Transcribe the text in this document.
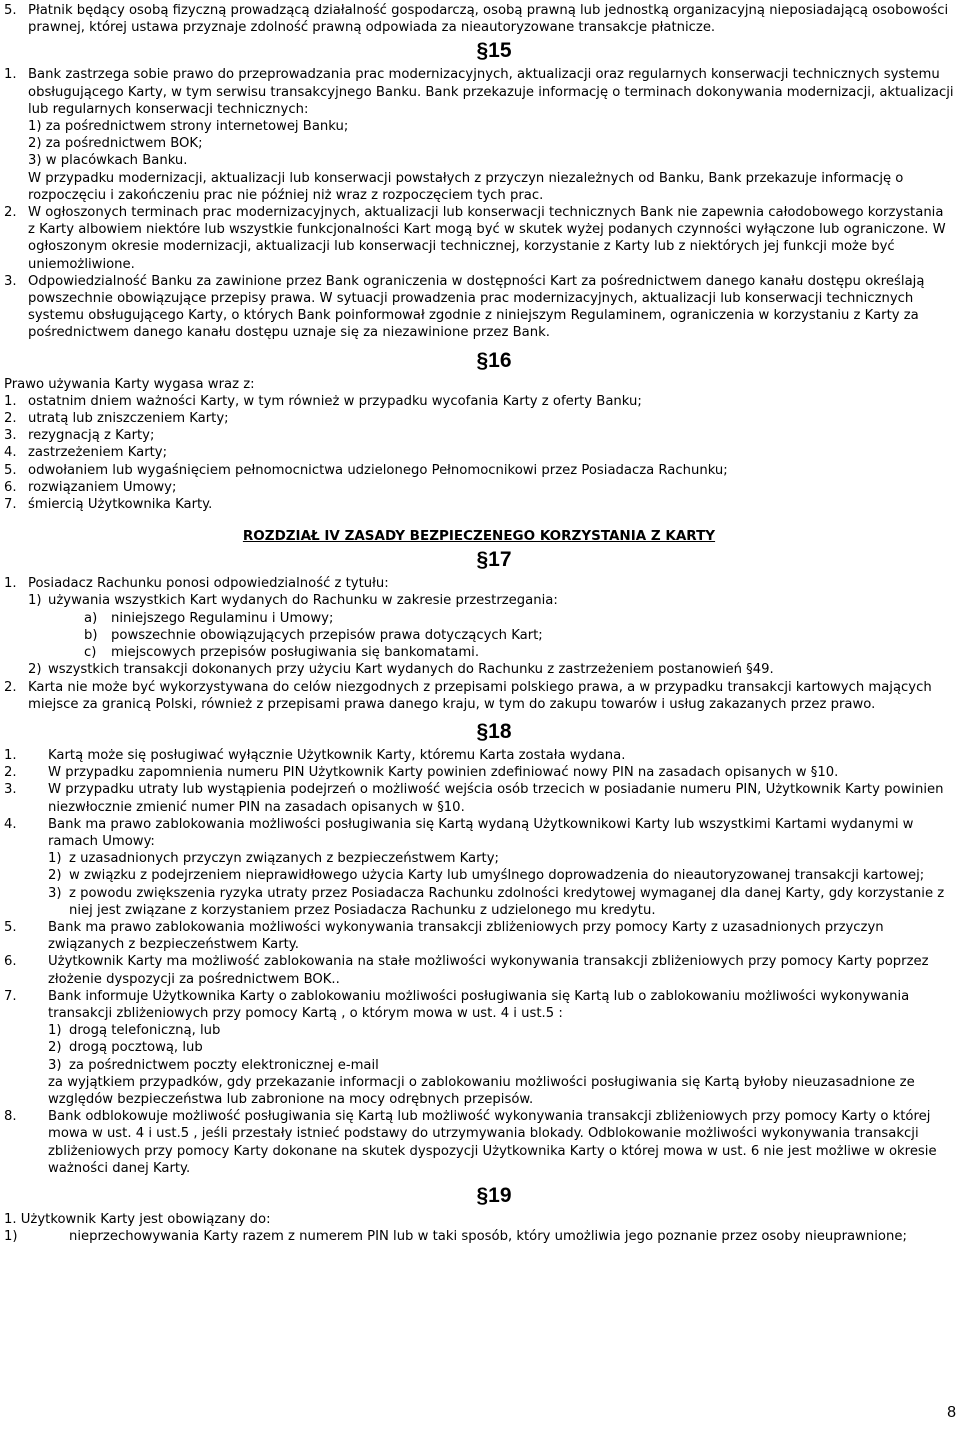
5. Płatnik będący osobą fizyczną prowadzącą działalność gospodarczą, osobą prawną lub jednostką organizacyjną nieposiadającą osobowości prawnej, której ustawa przyznaje zdolność prawną odpowiada za nieautoryzowane transakcje płatnicze.

§15

1. Bank zastrzega sobie prawo do przeprowadzania prac modernizacyjnych, aktualizacji oraz regularnych konserwacji technicznych systemu obsługującego Karty, w tym serwisu transakcyjnego Banku. Bank przekazuje informację o terminach dokonywania modernizacji, aktualizacji lub regularnych konserwacji technicznych:

1) za pośrednictwem strony internetowej Banku;

2) za pośrednictwem BOK;

3) w placówkach Banku.

W przypadku modernizacji, aktualizacji lub konserwacji powstałych z przyczyn niezależnych od Banku, Bank przekazuje informację o rozpoczęciu i zakończeniu prac nie później niż wraz z rozpoczęciem tych prac.

2. W ogłoszonych terminach prac modernizacyjnych, aktualizacji lub konserwacji technicznych Bank nie zapewnia całodobowego korzystania z Karty albowiem niektóre lub wszystkie funkcjonalności Kart mogą być w skutek wyżej podanych czynności wyłączone lub ograniczone. W ogłoszonym okresie modernizacji, aktualizacji lub konserwacji technicznej, korzystanie z Karty lub z niektórych jej funkcji może być uniemożliwione.

3. Odpowiedzialność Banku za zawinione przez Bank ograniczenia w dostępności Kart za pośrednictwem danego kanału dostępu określają powszechnie obowiązujące przepisy prawa. W sytuacji prowadzenia prac modernizacyjnych, aktualizacji lub konserwacji technicznych systemu obsługującego Karty, o których Bank poinformował zgodnie z niniejszym Regulaminem, ograniczenia w korzystaniu z Karty za pośrednictwem danego kanału dostępu uznaje się za niezawinione przez Bank.

§16

Prawo używania Karty wygasa wraz z:

1. ostatnim dniem ważności Karty, w tym również w przypadku wycofania Karty z oferty Banku;

2. utratą lub zniszczeniem Karty;

3. rezygnacją z Karty;

4. zastrzeżeniem Karty;

5. odwołaniem lub wygaśnięciem pełnomocnictwa udzielonego Pełnomocnikowi przez Posiadacza Rachunku;

6. rozwiązaniem Umowy;

7. śmiercią Użytkownika Karty.

ROZDZIAŁ IV ZASADY BEZPIECZENEGO KORZYSTANIA Z KARTY

§17

1. Posiadacz Rachunku ponosi odpowiedzialność z tytułu:

1) używania wszystkich Kart wydanych do Rachunku w zakresie przestrzegania:

a) niniejszego Regulaminu i Umowy;

b) powszechnie obowiązujących przepisów prawa dotyczących Kart;

c) miejscowych przepisów posługiwania się bankomatami.

2) wszystkich transakcji dokonanych przy użyciu Kart wydanych do Rachunku z zastrzeżeniem postanowień §49.

2. Karta nie może być wykorzystywana do celów niezgodnych z przepisami polskiego prawa, a w przypadku transakcji kartowych mających miejsce za granicą Polski, również z przepisami prawa danego kraju, w tym do zakupu towarów i usług zakazanych przez prawo.

§18

1. Kartą może się posługiwać wyłącznie Użytkownik Karty, któremu Karta została wydana.

2. W przypadku zapomnienia numeru PIN Użytkownik Karty powinien zdefiniować nowy PIN na zasadach opisanych w §10.

3. W przypadku utraty lub wystąpienia podejrzeń o możliwość wejścia osób trzecich w posiadanie numeru PIN, Użytkownik Karty powinien niezwłocznie zmienić numer PIN na zasadach opisanych w §10.

4. Bank ma prawo zablokowania możliwości posługiwania się Kartą wydaną Użytkownikowi Karty lub wszystkimi Kartami wydanymi w ramach Umowy:

1) z uzasadnionych przyczyn związanych z bezpieczeństwem Karty;

2) w związku z podejrzeniem nieprawidłowego użycia Karty lub umyślnego doprowadzenia do nieautoryzowanej transakcji kartowej;

3) z powodu zwiększenia ryzyka utraty przez Posiadacza Rachunku zdolności kredytowej wymaganej dla danej Karty, gdy korzystanie z niej jest związane z korzystaniem przez Posiadacza Rachunku z udzielonego mu kredytu.

5. Bank ma prawo zablokowania możliwości wykonywania transakcji zbliżeniowych przy pomocy Karty z uzasadnionych przyczyn związanych z bezpieczeństwem Karty.

6. Użytkownik Karty ma możliwość zablokowania na stałe możliwości wykonywania transakcji zbliżeniowych przy pomocy Karty poprzez złożenie dyspozycji za pośrednictwem BOK..

7. Bank informuje Użytkownika Karty o zablokowaniu możliwości posługiwania się Kartą lub o zablokowaniu możliwości wykonywania transakcji zbliżeniowych przy pomocy Kartą , o którym mowa w ust. 4 i ust.5 :

1) drogą telefoniczną, lub

2) drogą pocztową, lub

3) za pośrednictwem poczty elektronicznej e-mail

za wyjątkiem przypadków, gdy przekazanie informacji o zablokowaniu możliwości posługiwania się Kartą byłoby nieuzasadnione ze względów bezpieczeństwa lub zabronione na mocy odrębnych przepisów.

8. Bank odblokowuje możliwość posługiwania się Kartą lub możliwość wykonywania transakcji zbliżeniowych przy pomocy Karty o której mowa w ust. 4 i ust.5 , jeśli przestały istnieć podstawy do utrzymywania blokady. Odblokowanie możliwości wykonywania transakcji zbliżeniowych przy pomocy Karty dokonane na skutek dyspozycji Użytkownika Karty o której mowa w ust. 6 nie jest możliwe w okresie ważności danej Karty.

§19

1. Użytkownik Karty jest obowiązany do:

1)	nieprzechowywania Karty razem z numerem PIN lub w taki sposób, który umożliwia jego poznanie przez osoby nieuprawnione;

8
